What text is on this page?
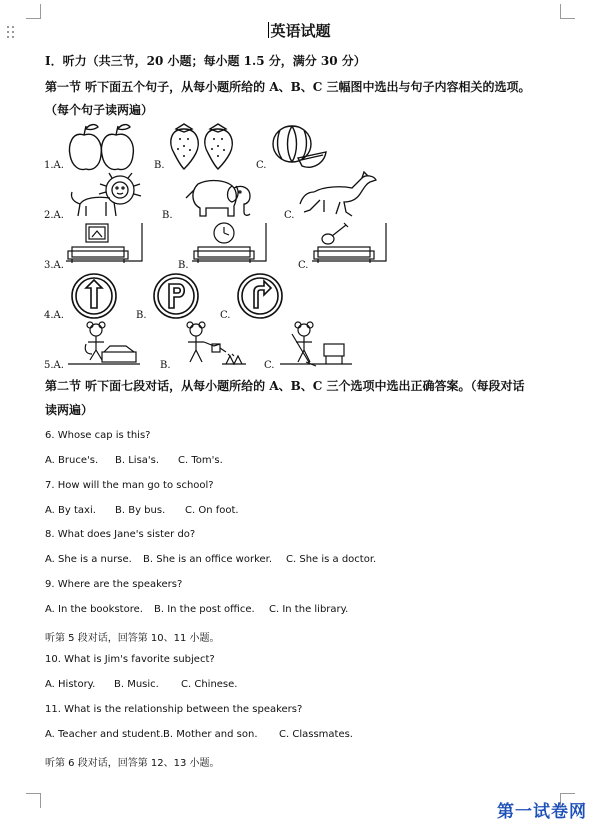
英语试题
I．听力（共三节，20 小题；每小题 1.5 分，满分 30 分）
第一节 听下面五个句子，从每小题所给的 A、B、C 三幅图中选出与句子内容相关的选项。
（每个句子读两遍）
1.A.	B.	C.
2.A.	B.	C.
3.A.	B.	C.
4.A.	B.	C.
5.A.	B.	C.
第二节 听下面七段对话，从每小题所给的 A、B、C 三个选项中选出正确答案。（每段对话
读两遍）
6. Whose cap is this?
A. Bruce's. B. Lisa's. C. Tom's.
7. How will the man go to school?
A. By taxi. B. By bus. C. On foot.
8. What does Jane's sister do?
A. She is a nurse. B. She is an office worker. C. She is a doctor.
9. Where are the speakers?
A. In the bookstore. B. In the post office. C. In the library.
听第 5 段对话，回答第 10、11 小题。
10. What is Jim's favorite subject?
A. History. B. Music. C. Chinese.
11. What is the relationship between the speakers?
A. Teacher and student. B. Mother and son. C. Classmates.
听第 6 段对话，回答第 12、13 小题。
第一试卷网
